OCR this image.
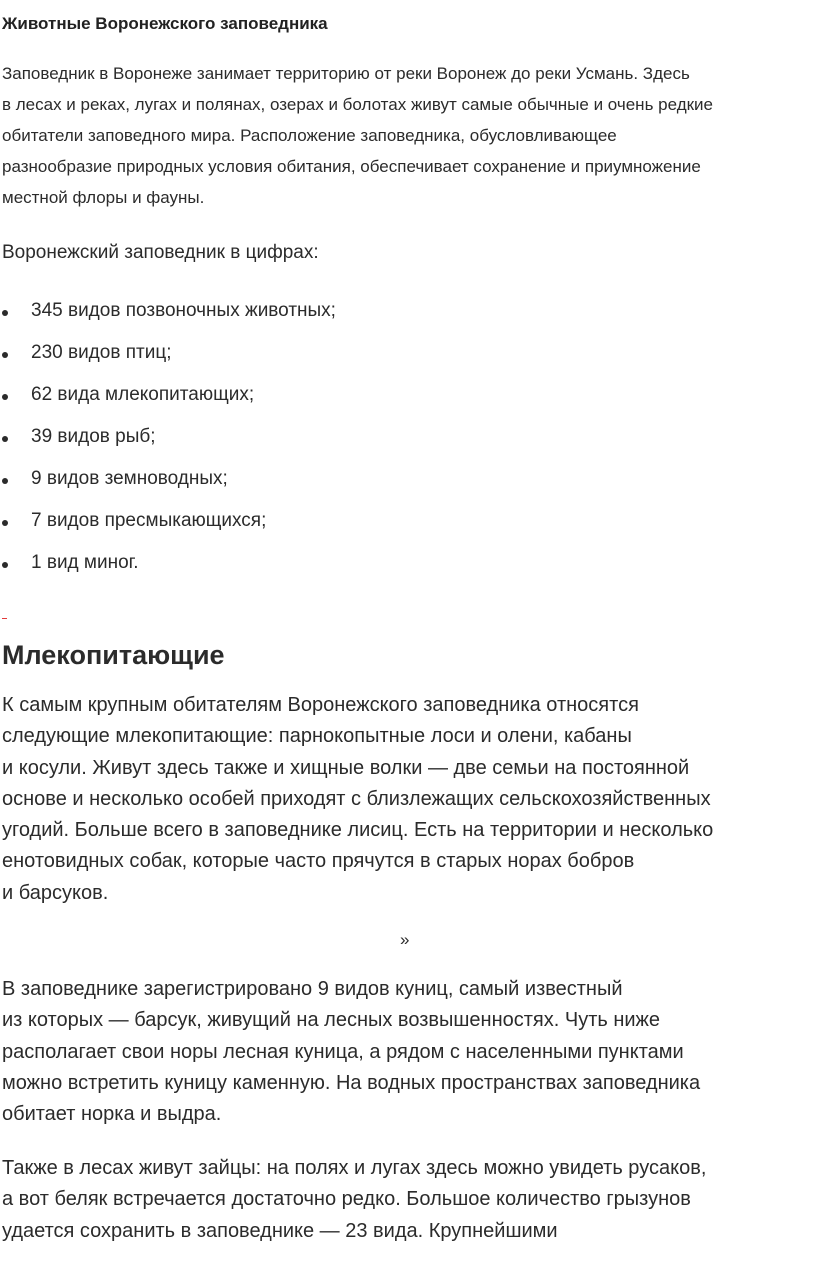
Животные Воронежского заповедника

Заповедник в Воронеже занимает территорию от реки Воронеж до реки Усмань. Здесь
в лесах и реках, лугах и полянах, озерах и болотах живут самые обычные и очень редкие
обитатели заповедного мира. Расположение заповедника, обусловливающее
разнообразие природных условия обитания, обеспечивает сохранение и приумножение
местной флоры и фауны.

Воронежский заповедник в цифрах:

345 видов позвоночных животных;
230 видов птиц;
62 вида млекопитающих;
39 видов рыб;
9 видов земноводных;
7 видов пресмыкающихся;
1 вид миног.
Млекопитающие

К самым крупным обитателям Воронежского заповедника относятся
следующие млекопитающие: парнокопытные лоси и олени, кабаны
и косули. Живут здесь также и хищные волки — две семьи на постоянной
основе и несколько особей приходят с близлежащих сельскохозяйственных
угодий. Больше всего в заповеднике лисиц. Есть на территории и несколько
енотовидных собак, которые часто прячутся в старых норах бобров
и барсуков.

»

В заповеднике зарегистрировано 9 видов куниц, самый известный
из которых — барсук, живущий на лесных возвышенностях. Чуть ниже
располагает свои норы лесная куница, а рядом с населенными пунктами
можно встретить куницу каменную. На водных пространствах заповедника
обитает норка и выдра.

Также в лесах живут зайцы: на полях и лугах здесь можно увидеть русаков,
а вот беляк встречается достаточно редко. Большое количество грызунов
удается сохранить в заповеднике — 23 вида. Крупнейшими
